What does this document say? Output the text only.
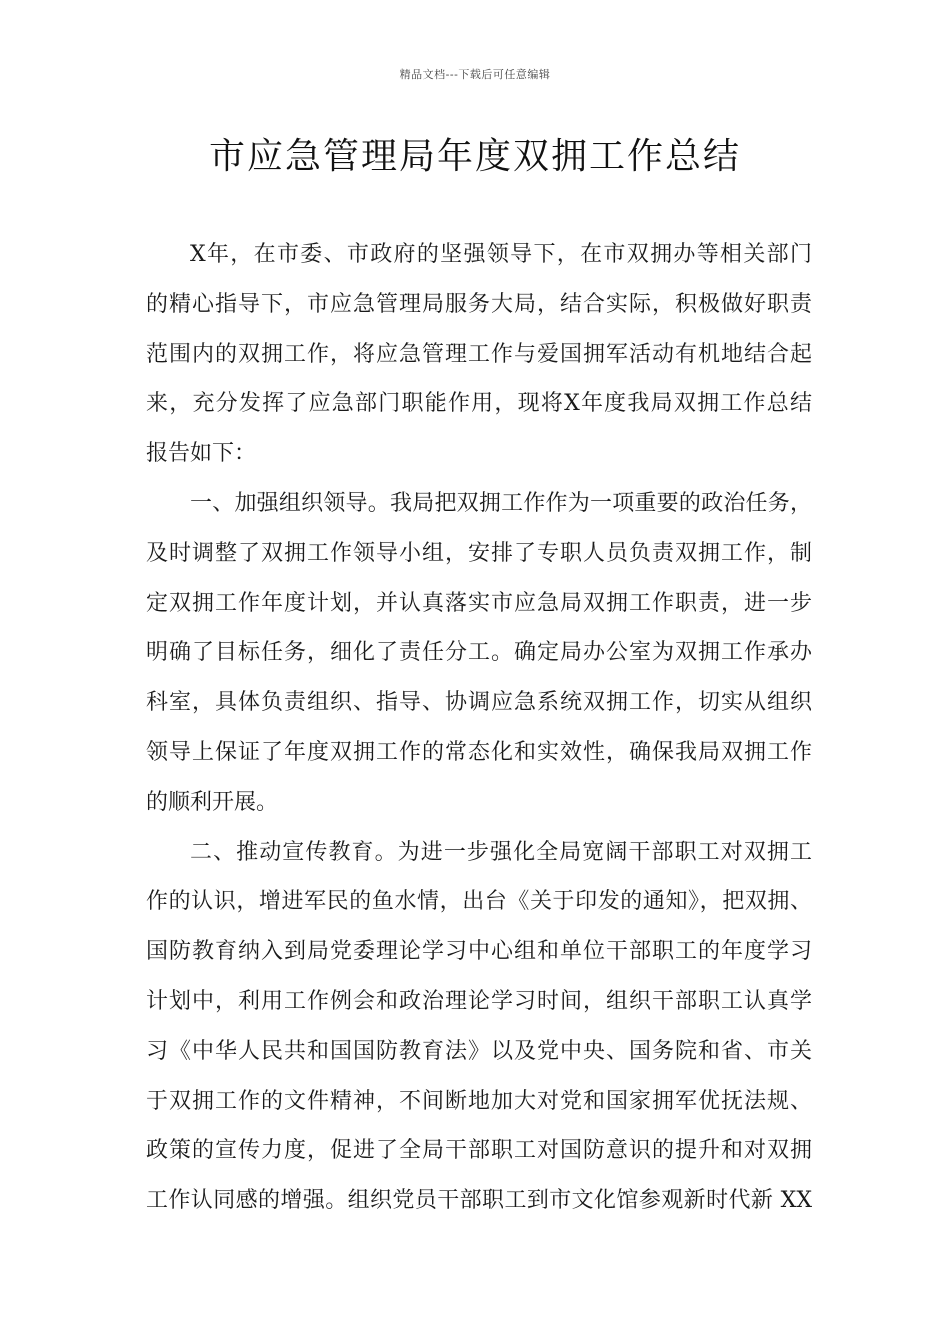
精品文档---下载后可任意编辑
市应急管理局年度双拥工作总结
X年，在市委、市政府的坚强领导下，在市双拥办等相关部门
的精心指导下，市应急管理局服务大局，结合实际，积极做好职责
范围内的双拥工作，将应急管理工作与爱国拥军活动有机地结合起
来，充分发挥了应急部门职能作用，现将X年度我局双拥工作总结
报告如下：
一、加强组织领导。我局把双拥工作作为一项重要的政治任务，
及时调整了双拥工作领导小组，安排了专职人员负责双拥工作，制
定双拥工作年度计划，并认真落实市应急局双拥工作职责，进一步
明确了目标任务，细化了责任分工。确定局办公室为双拥工作承办
科室，具体负责组织、指导、协调应急系统双拥工作，切实从组织
领导上保证了年度双拥工作的常态化和实效性，确保我局双拥工作
的顺利开展。
二、推动宣传教育。为进一步强化全局宽阔干部职工对双拥工
作的认识，增进军民的鱼水情，出台《关于印发的通知》，把双拥、
国防教育纳入到局党委理论学习中心组和单位干部职工的年度学习
计划中，利用工作例会和政治理论学习时间，组织干部职工认真学
习《中华人民共和国国防教育法》以及党中央、国务院和省、市关
于双拥工作的文件精神，不间断地加大对党和国家拥军优抚法规、
政策的宣传力度，促进了全局干部职工对国防意识的提升和对双拥
工作认同感的增强。组织党员干部职工到市文化馆参观新时代新 XX
